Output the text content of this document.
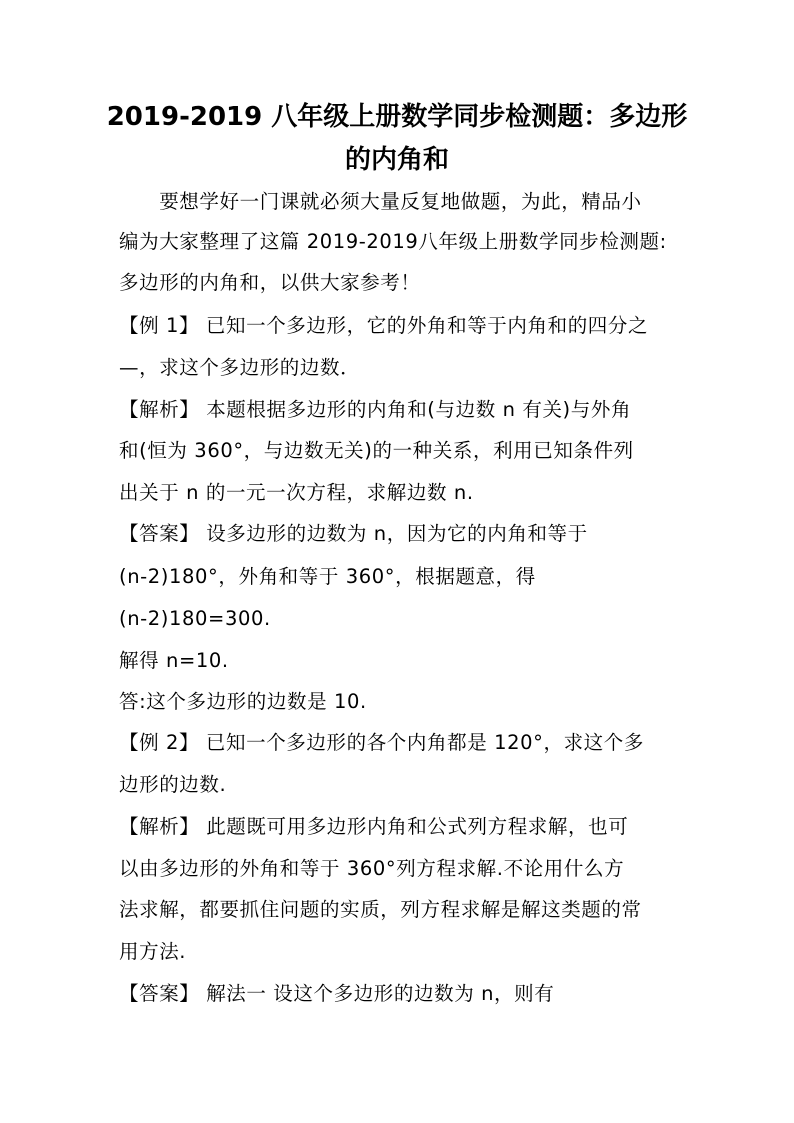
2019-2019 八年级上册数学同步检测题：多边形
的内角和
　　要想学好一门课就必须大量反复地做题，为此，精品小
编为大家整理了这篇 2019-2019八年级上册数学同步检测题:
多边形的内角和，以供大家参考！
【例 1】 已知一个多边形，它的外角和等于内角和的四分之
—，求这个多边形的边数．
【解析】 本题根据多边形的内角和(与边数 n 有关)与外角
和(恒为 360°，与边数无关)的一种关系，利用已知条件列
出关于 n 的一元一次方程，求解边数 n.
【答案】 设多边形的边数为 n，因为它的内角和等于
(n-2)180°，外角和等于 360°，根据题意，得
(n-2)180=300.
解得 n=10.
答:这个多边形的边数是 10.
【例 2】 已知一个多边形的各个内角都是 120°，求这个多
边形的边数.
【解析】 此题既可用多边形内角和公式列方程求解，也可
以由多边形的外角和等于 360°列方程求解.不论用什么方
法求解，都要抓住问题的实质，列方程求解是解这类题的常
用方法.
【答案】 解法一 设这个多边形的边数为 n，则有
